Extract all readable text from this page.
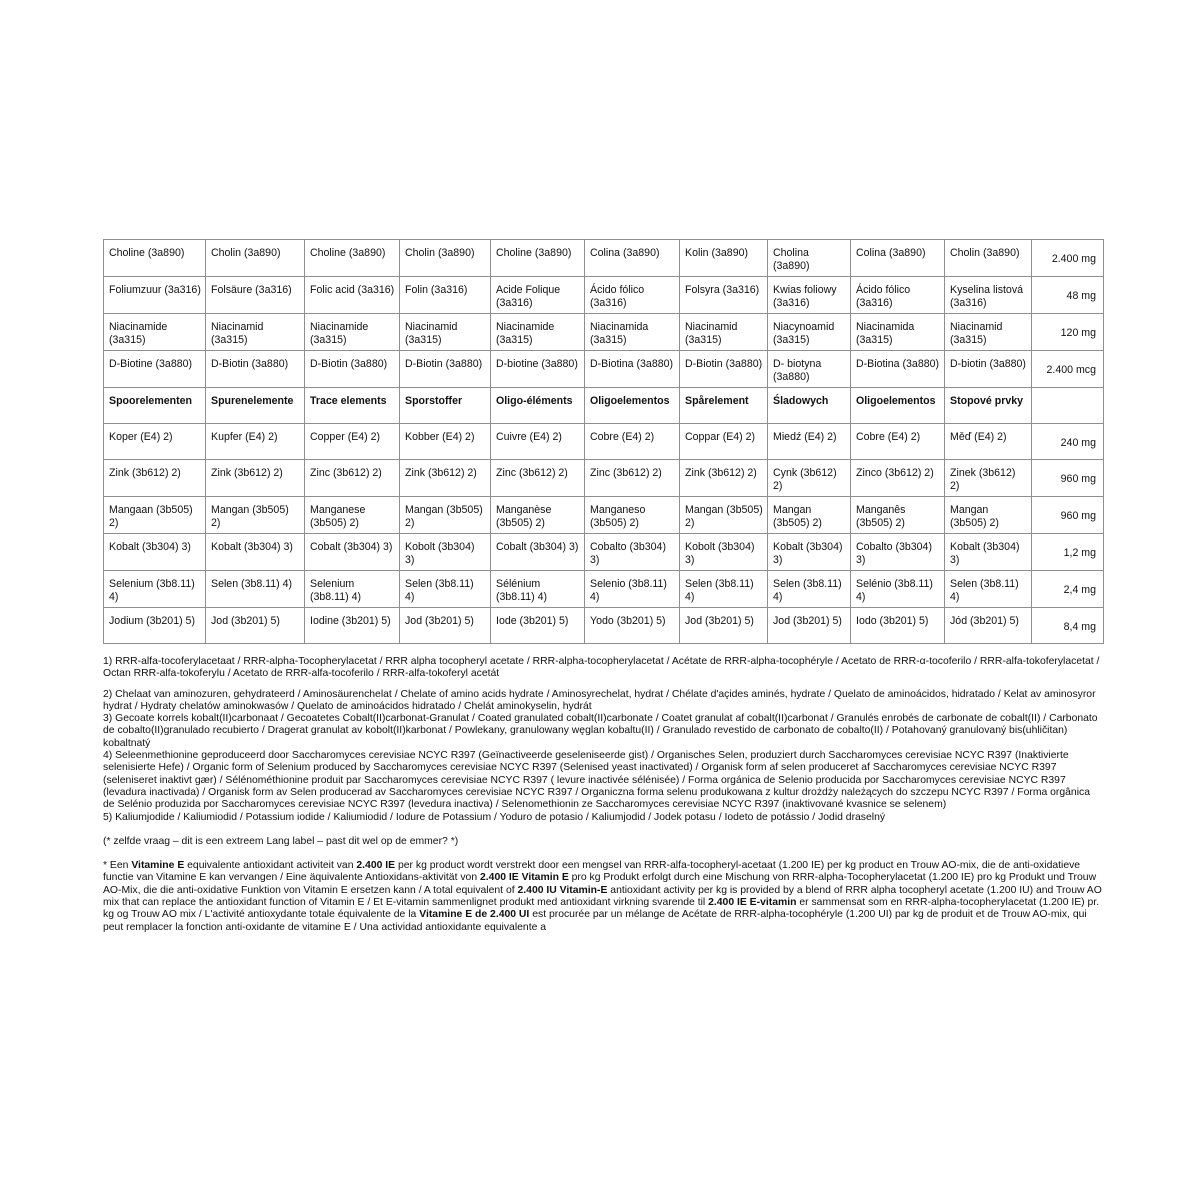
Choline (3a890)	Cholin (3a890)	Choline (3a890)	Cholin (3a890)	Choline (3a890)	Colina (3a890)	Kolin (3a890)	Cholina (3a890)	Colina (3a890)	Cholin (3a890)	2.400 mg
Foliumzuur (3a316)	Folsäure (3a316)	Folic acid (3a316)	Folin (3a316)	Acide Folique (3a316)	Ácido fólico (3a316)	Folsyra (3a316)	Kwias foliowy (3a316)	Ácido fólico (3a316)	Kyselina listová (3a316)	48 mg
Niacinamide (3a315)	Niacinamid (3a315)	Niacinamide (3a315)	Niacinamid (3a315)	Niacinamide (3a315)	Niacinamida (3a315)	Niacinamid (3a315)	Niacynoamid (3a315)	Niacinamida (3a315)	Niacinamid (3a315)	120 mg
D-Biotine (3a880)	D-Biotin (3a880)	D-Biotin (3a880)	D-Biotin (3a880)	D-biotine (3a880)	D-Biotina (3a880)	D-Biotin (3a880)	D- biotyna (3a880)	D-Biotina (3a880)	D-biotin (3a880)	2.400 mcg
Spoorelementen	Spurenelemente	Trace elements	Sporstoffer	Oligo-éléments	Oligoelementos	Spårelement	Śladowych	Oligoelementos	Stopové prvky	
Koper (E4) 2)	Kupfer (E4) 2)	Copper (E4) 2)	Kobber (E4) 2)	Cuivre (E4) 2)	Cobre (E4) 2)	Coppar (E4) 2)	Miedź (E4) 2)	Cobre (E4) 2)	Měď (E4) 2)	240 mg
Zink (3b612) 2)	Zink (3b612) 2)	Zinc (3b612) 2)	Zink (3b612) 2)	Zinc (3b612) 2)	Zinc (3b612) 2)	Zink (3b612) 2)	Cynk (3b612) 2)	Zinco (3b612) 2)	Zinek (3b612) 2)	960 mg
Mangaan (3b505) 2)	Mangan (3b505) 2)	Manganese (3b505) 2)	Mangan (3b505) 2)	Manganèse (3b505) 2)	Manganeso (3b505) 2)	Mangan (3b505) 2)	Mangan (3b505) 2)	Manganês (3b505) 2)	Mangan (3b505) 2)	960 mg
Kobalt (3b304) 3)	Kobalt (3b304) 3)	Cobalt (3b304) 3)	Kobolt (3b304) 3)	Cobalt (3b304) 3)	Cobalto (3b304) 3)	Kobolt (3b304) 3)	Kobalt (3b304) 3)	Cobalto (3b304) 3)	Kobalt (3b304) 3)	1,2 mg
Selenium (3b8.11) 4)	Selen (3b8.11) 4)	Selenium (3b8.11) 4)	Selen (3b8.11) 4)	Sélénium (3b8.11) 4)	Selenio (3b8.11) 4)	Selen (3b8.11) 4)	Selen (3b8.11) 4)	Selénio (3b8.11) 4)	Selen (3b8.11) 4)	2,4 mg
Jodium (3b201) 5)	Jod (3b201) 5)	Iodine (3b201) 5)	Jod (3b201) 5)	Iode (3b201) 5)	Yodo (3b201) 5)	Jod (3b201) 5)	Jod (3b201) 5)	Iodo (3b201) 5)	Jód (3b201) 5)	8,4 mg

1) RRR-alfa-tocoferylacetaat / RRR-alpha-Tocopherylacetat / RRR alpha tocopheryl acetate / RRR-alpha-tocopherylacetat / Acétate de RRR-alpha-tocophéryle / Acetato de RRR-α-tocoferilo / RRR-alfa-tokoferylacetat / Octan RRR-alfa-tokoferylu / Acetato de RRR-alfa-tocoferilo / RRR-alfa-tokoferyl acetát

2) Chelaat van aminozuren, gehydrateerd / Aminosäurenchelat / Chelate of amino acids hydrate / Aminosyrechelat, hydrat / Chélate d'açides aminés, hydrate / Quelato de aminoácidos, hidratado / Kelat av aminosyror hydrat / Hydraty chelatów aminokwasów / Quelato de aminoácidos hidratado / Chelát aminokyselin, hydrát

3) Gecoate korrels kobalt(II)carbonaat / Gecoatetes Cobalt(II)carbonat-Granulat / Coated granulated cobalt(II)carbonate / Coatet granulat af cobalt(II)carbonat / Granulés enrobés de carbonate de cobalt(II) / Carbonato de cobalto(II)granulado recubierto / Dragerat granulat av kobolt(II)karbonat / Powlekany, granulowany węglan kobaltu(II) / Granulado revestido de carbonato de cobalto(II) / Potahovaný granulovaný bis(uhličitan) kobaltnatý

4) Seleenmethionine geproduceerd door Saccharomyces cerevisiae NCYC R397 (Geïnactiveerde geseleniseerde gist) / Organisches Selen, produziert durch Saccharomyces cerevisiae NCYC R397 (Inaktivierte selenisierte Hefe) / Organic form of Selenium produced by Saccharomyces cerevisiae NCYC R397 (Selenised yeast inactivated) / Organisk form af selen produceret af Saccharomyces cerevisiae NCYC R397 (seleniseret inaktivt gær) / Sélénométhionine produit par Saccharomyces cerevisiae NCYC R397 ( levure inactivée sélénisée) / Forma orgánica de Selenio producida por Saccharomyces cerevisiae NCYC R397 (levadura inactivada) / Organisk form av Selen producerad av Saccharomyces cerevisiae NCYC R397 / Organiczna forma selenu produkowana z kultur drożdży należących do szczepu NCYC R397 / Forma orgânica de Selénio produzida por Saccharomyces cerevisiae NCYC R397 (levedura inactiva) / Selenomethionin ze Saccharomyces cerevisiae NCYC R397 (inaktivované kvasnice se selenem)

5) Kaliumjodide / Kaliumiodid / Potassium iodide / Kaliumiodid / Iodure de Potassium / Yoduro de potasio / Kaliumjodid / Jodek potasu / Iodeto de potássio / Jodid draselný

(* zelfde vraag – dit is een extreem Lang label – past dit wel op de emmer? *)

* Een Vitamine E equivalente antioxidant activiteit van 2.400 IE per kg product wordt verstrekt door een mengsel van RRR-alfa-tocopheryl-acetaat (1.200 IE) per kg product en Trouw AO-mix, die de anti-oxidatieve functie van Vitamine E kan vervangen / Eine äquivalente Antioxidans-aktivität von 2.400 IE Vitamin E pro kg Produkt erfolgt durch eine Mischung von RRR-alpha-Tocopherylacetat (1.200 IE) pro kg Produkt und Trouw AO-Mix, die die anti-oxidative Funktion von Vitamin E ersetzen kann / A total equivalent of 2.400 IU Vitamin-E antioxidant activity per kg is provided by a blend of RRR alpha tocopheryl acetate (1.200 IU) and Trouw AO mix that can replace the antioxidant function of Vitamin E / Et E-vitamin sammenlignet produkt med antioxidant virkning svarende til 2.400 IE E-vitamin er sammensat som en RRR-alpha-tocopherylacetat (1.200 IE) pr. kg og Trouw AO mix / L'activité antioxydante totale équivalente de la Vitamine E de 2.400 UI est procurée par un mélange de Acétate de RRR-alpha-tocophéryle (1.200 UI) par kg de produit et de Trouw AO-mix, qui peut remplacer la fonction anti-oxidante de vitamine E / Una actividad antioxidante equivalente a
